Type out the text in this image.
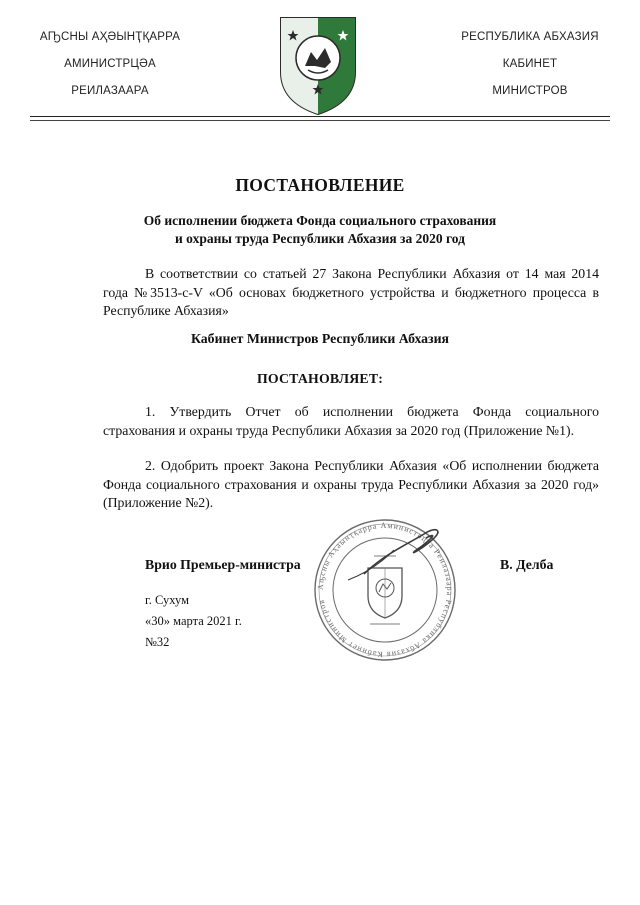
АҦСНЫ АҲӘЫНҬҚАРРА
АМИНИСТРЦӘА
РЕИЛАЗААРА
РЕСПУБЛИКА АБХАЗИЯ
КАБИНЕТ
МИНИСТРОВ
ПОСТАНОВЛЕНИЕ
Об исполнении бюджета Фонда социального страхования
и охраны труда Республики Абхазия за 2020 год
В соответствии со статьей 27 Закона Республики Абхазия от 14 мая 2014 года №3513-с-V «Об основах бюджетного устройства и бюджетного процесса в Республике Абхазия»
Кабинет Министров Республики Абхазия
ПОСТАНОВЛЯЕТ:
1. Утвердить Отчет об исполнении бюджета Фонда социального страхования и охраны труда Республики Абхазия за 2020 год (Приложение №1).
2. Одобрить проект Закона Республики Абхазия «Об исполнении бюджета Фонда социального страхования и охраны труда Республики Абхазия за 2020 год» (Приложение №2).
Врио Премьер-министра	В. Делба
Аҧсны Аҳәынҭқарра Аминистрцәа Реилазаара Республика Абхазия Кабинет Министров
г. Сухум
«30» марта 2021 г.
№32
